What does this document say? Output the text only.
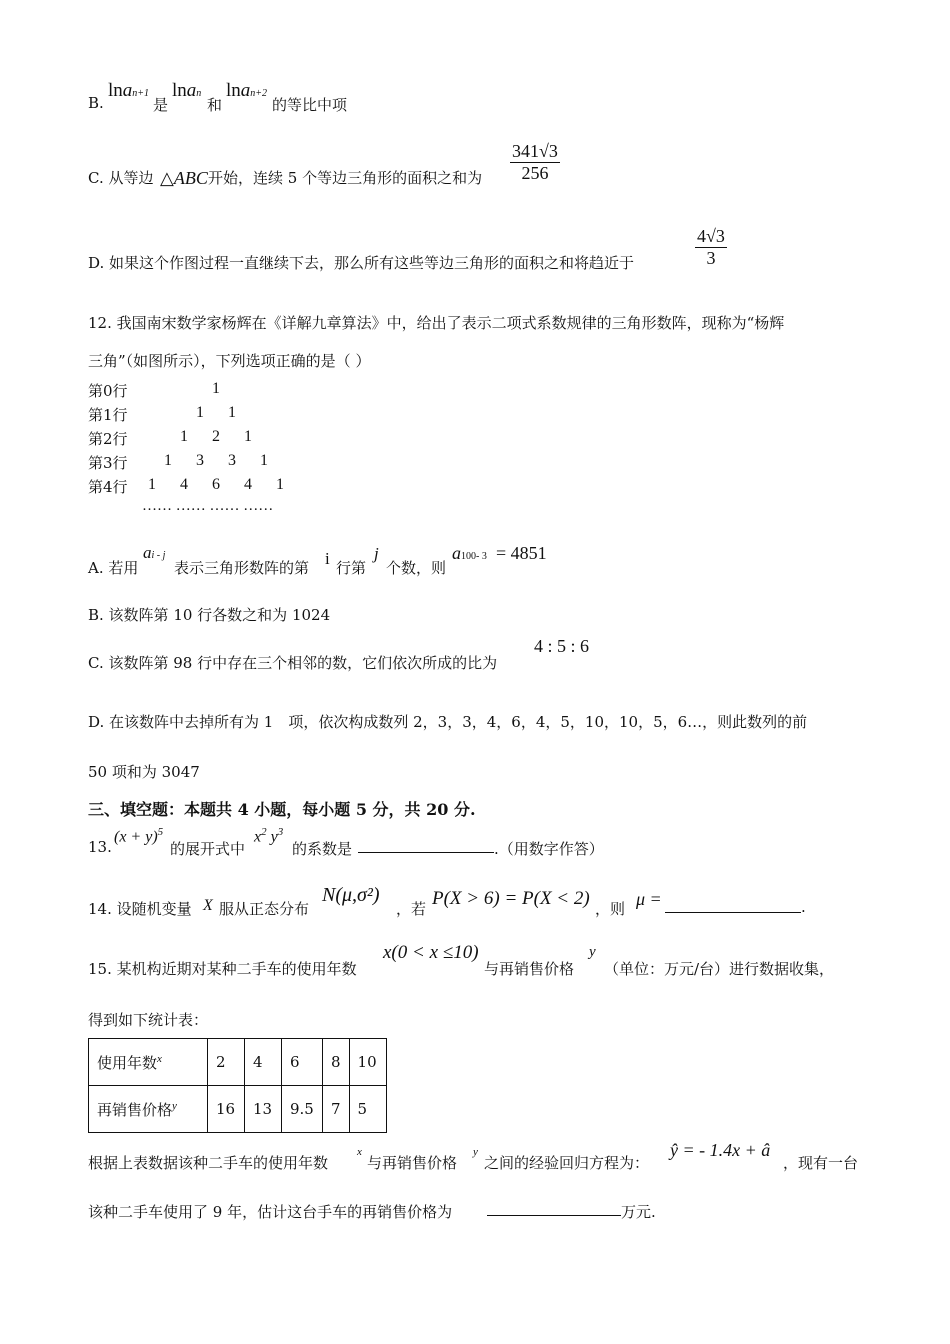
B.
lnan+1
是
lnan
和
lnan+2
的等比中项
C. 从等边 △ABC 开始，连续 5 个等边三角形的面积之和为 $\frac{341√3}{256}$
D. 如果这个作图过程一直继续下去，那么所有这些等边三角形的面积之和将趋近于	$\frac{4√3}{3}$
12. 我国南宋数学家杨辉在《详解九章算法》中，给出了表示二项式系数规律的三角形数阵，现称为“杨辉
三角”（如图所示），下列选项正确的是（ ）
第0行	1
第1行	1 1
第2行	1 2 1
第3行 1 3 3 1
第4行 1 4 6 4 1
…… …… …… ……
A. 若用
ai - j
表示三角形数阵的第 i 行第
j
个数，则
a100- 3 = 4851
B. 该数阵第 10 行各数之和为 1024
C. 该数阵第 98 行中存在三个相邻的数，它们依次所成的比为
4 : 5 : 6
D. 在该数阵中去掉所有为 1　项，依次构成数列 2，3，3，4，6，4，5，10，10，5，6…，则此数列的前
50 项和为 3047
三、填空题：本题共 4 小题，每小题 5 分，共 20 分.
13.
$(x + y)^5$
的展开式中
$x^2$ $y^3$
的系数是	.（用数字作答）
14. 设随机变量 X 服从正态分布
N(μ,σ²)
，若 P(X > 6) = P(X < 2) ，则 μ =	.
15. 某机构近期对某种二手车的使用年数
x(0 < x ≤10)
与再销售价格
y
（单位：万元/台）进行数据收集，
得到如下统计表：
使用年数$^x$	2	4	6	8	10
再销售价格$^y$	16	13	9.5	7	5
根据上表数据该种二手车的使用年数
x
与再销售价格
y
之间的经验回归方程为：
ŷ = - 1.4x + â
，现有一台
该种二手车使用了 9 年，估计这台手车的再销售价格为	万元.
